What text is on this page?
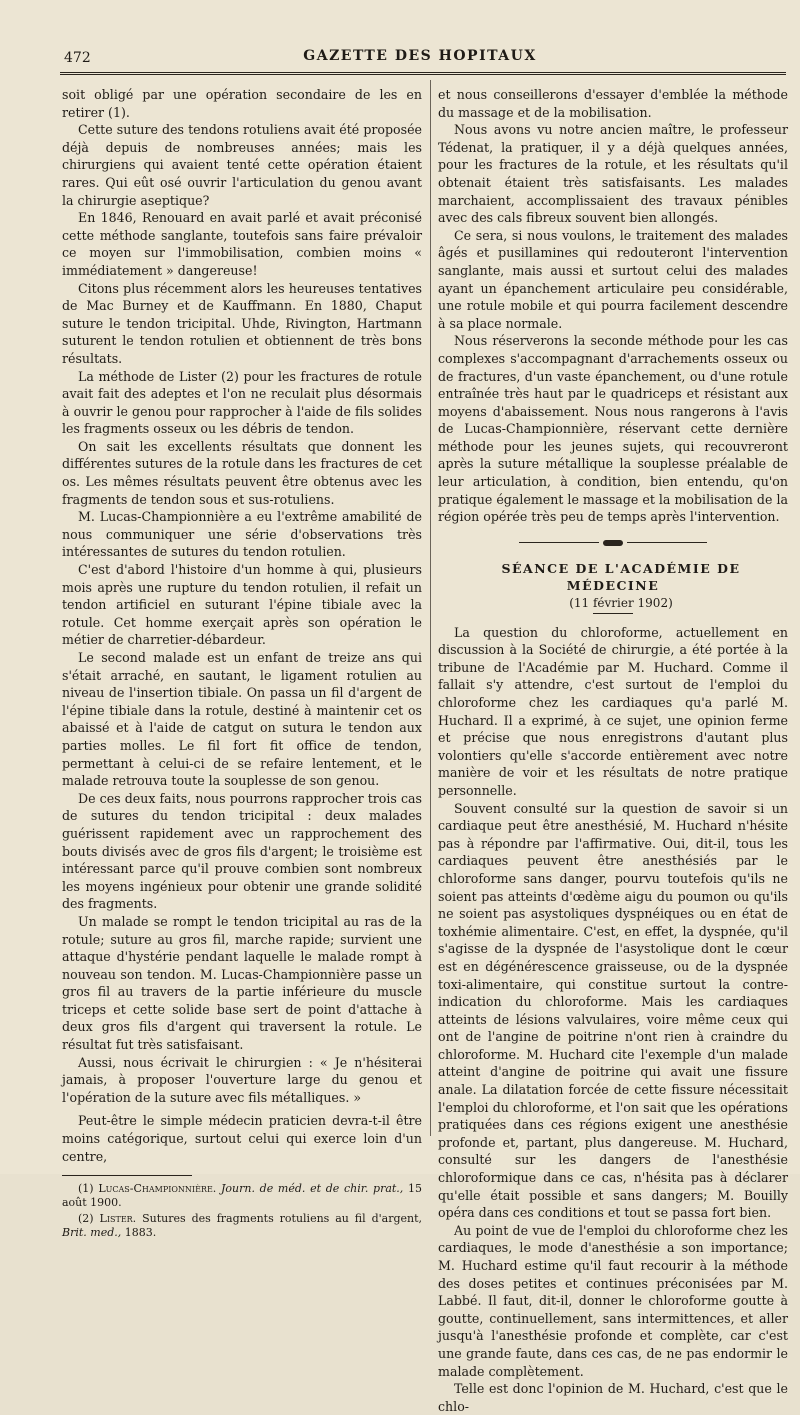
472	GAZETTE DES HOPITAUX

soit obligé par une opération secondaire de les en retirer (1).

Cette suture des tendons rotuliens avait été proposée déjà depuis de nombreuses années; mais les chirurgiens qui avaient tenté cette opération étaient rares. Qui eût osé ouvrir l'articulation du genou avant la chirurgie aseptique?

En 1846, Renouard en avait parlé et avait préconisé cette méthode sanglante, toutefois sans faire prévaloir ce moyen sur l'immobilisation, combien moins « immédiatement » dangereuse!

Citons plus récemment alors les heureuses tentatives de Mac Burney et de Kauffmann. En 1880, Chaput suture le tendon tricipital. Uhde, Rivington, Hartmann suturent le tendon rotulien et obtiennent de très bons résultats.

La méthode de Lister (2) pour les fractures de rotule avait fait des adeptes et l'on ne reculait plus désormais à ouvrir le genou pour rapprocher à l'aide de fils solides les fragments osseux ou les débris de tendon.

On sait les excellents résultats que donnent les différentes sutures de la rotule dans les fractures de cet os. Les mêmes résultats peuvent être obtenus avec les fragments de tendon sous et sus-rotuliens.

M. Lucas-Championnière a eu l'extrême amabilité de nous communiquer une série d'observations très intéressantes de sutures du tendon rotulien.

C'est d'abord l'histoire d'un homme à qui, plusieurs mois après une rupture du tendon rotulien, il refait un tendon artificiel en suturant l'épine tibiale avec la rotule. Cet homme exerçait après son opération le métier de charretier-débardeur.

Le second malade est un enfant de treize ans qui s'était arraché, en sautant, le ligament rotulien au niveau de l'insertion tibiale. On passa un fil d'argent de l'épine tibiale dans la rotule, destiné à maintenir cet os abaissé et à l'aide de catgut on sutura le tendon aux parties molles. Le fil fort fit office de tendon, permettant à celui-ci de se refaire lentement, et le malade retrouva toute la souplesse de son genou.

De ces deux faits, nous pourrons rapprocher trois cas de sutures du tendon tricipital : deux malades guérissent rapidement avec un rapprochement des bouts divisés avec de gros fils d'argent; le troisième est intéressant parce qu'il prouve combien sont nombreux les moyens ingénieux pour obtenir une grande solidité des fragments.

Un malade se rompt le tendon tricipital au ras de la rotule; suture au gros fil, marche rapide; survient une attaque d'hystérie pendant laquelle le malade rompt à nouveau son tendon. M. Lucas-Championnière passe un gros fil au travers de la partie inférieure du muscle triceps et cette solide base sert de point d'attache à deux gros fils d'argent qui traversent la rotule. Le résultat fut très satisfaisant.

Aussi, nous écrivait le chirurgien : « Je n'hésiterai jamais, à proposer l'ouverture large du genou et l'opération de la suture avec fils métalliques. »

Peut-être le simple médecin praticien devra-t-il être moins catégorique, surtout celui qui exerce loin d'un centre,

(1) Lucas-Championnière. Journ. de méd. et de chir. prat., 15 août 1900.

(2) Lister. Sutures des fragments rotuliens au fil d'argent, Brit. med., 1883.

et nous conseillerons d'essayer d'emblée la méthode du massage et de la mobilisation.

Nous avons vu notre ancien maître, le professeur Tédenat, la pratiquer, il y a déjà quelques années, pour les fractures de la rotule, et les résultats qu'il obtenait étaient très satisfaisants. Les malades marchaient, accomplissaient des travaux pénibles avec des cals fibreux souvent bien allongés.

Ce sera, si nous voulons, le traitement des malades âgés et pusillamines qui redouteront l'intervention sanglante, mais aussi et surtout celui des malades ayant un épanchement articulaire peu considérable, une rotule mobile et qui pourra facilement descendre à sa place normale.

Nous réserverons la seconde méthode pour les cas complexes s'accompagnant d'arrachements osseux ou de fractures, d'un vaste épanchement, ou d'une rotule entraînée très haut par le quadriceps et résistant aux moyens d'abaissement. Nous nous rangerons à l'avis de Lucas-Championnière, réservant cette dernière méthode pour les jeunes sujets, qui recouvreront après la suture métallique la souplesse préalable de leur articulation, à condition, bien entendu, qu'on pratique également le massage et la mobilisation de la région opérée très peu de temps après l'intervention.

SÉANCE DE L'ACADÉMIE DE MÉDECINE

(11 février 1902)

La question du chloroforme, actuellement en discussion à la Société de chirurgie, a été portée à la tribune de l'Académie par M. Huchard. Comme il fallait s'y attendre, c'est surtout de l'emploi du chloroforme chez les cardiaques qu'a parlé M. Huchard. Il a exprimé, à ce sujet, une opinion ferme et précise que nous enregistrons d'autant plus volontiers qu'elle s'accorde entièrement avec notre manière de voir et les résultats de notre pratique personnelle.

Souvent consulté sur la question de savoir si un cardiaque peut être anesthésié, M. Huchard n'hésite pas à répondre par l'affirmative. Oui, dit-il, tous les cardiaques peuvent être anesthésiés par le chloroforme sans danger, pourvu toutefois qu'ils ne soient pas atteints d'œdème aigu du poumon ou qu'ils ne soient pas asystoliques dyspnéiques ou en état de toxhémie alimentaire. C'est, en effet, la dyspnée, qu'il s'agisse de la dyspnée de l'asystolique dont le cœur est en dégénérescence graisseuse, ou de la dyspnée toxi-alimentaire, qui constitue surtout la contre-indication du chloroforme. Mais les cardiaques atteints de lésions valvulaires, voire même ceux qui ont de l'angine de poitrine n'ont rien à craindre du chloroforme. M. Huchard cite l'exemple d'un malade atteint d'angine de poitrine qui avait une fissure anale. La dilatation forcée de cette fissure nécessitait l'emploi du chloroforme, et l'on sait que les opérations pratiquées dans ces régions exigent une anesthésie profonde et, partant, plus dangereuse. M. Huchard, consulté sur les dangers de l'anesthésie chloroformique dans ce cas, n'hésita pas à déclarer qu'elle était possible et sans dangers; M. Bouilly opéra dans ces conditions et tout se passa fort bien.

Au point de vue de l'emploi du chloroforme chez les cardiaques, le mode d'anesthésie a son importance; M. Huchard estime qu'il faut recourir à la méthode des doses petites et continues préconisées par M. Labbé. Il faut, dit-il, donner le chloroforme goutte à goutte, continuellement, sans intermittences, et aller jusqu'à l'anesthésie profonde et complète, car c'est une grande faute, dans ces cas, de ne pas endormir le malade complètement.

Telle est donc l'opinion de M. Huchard, c'est que le chlo-
